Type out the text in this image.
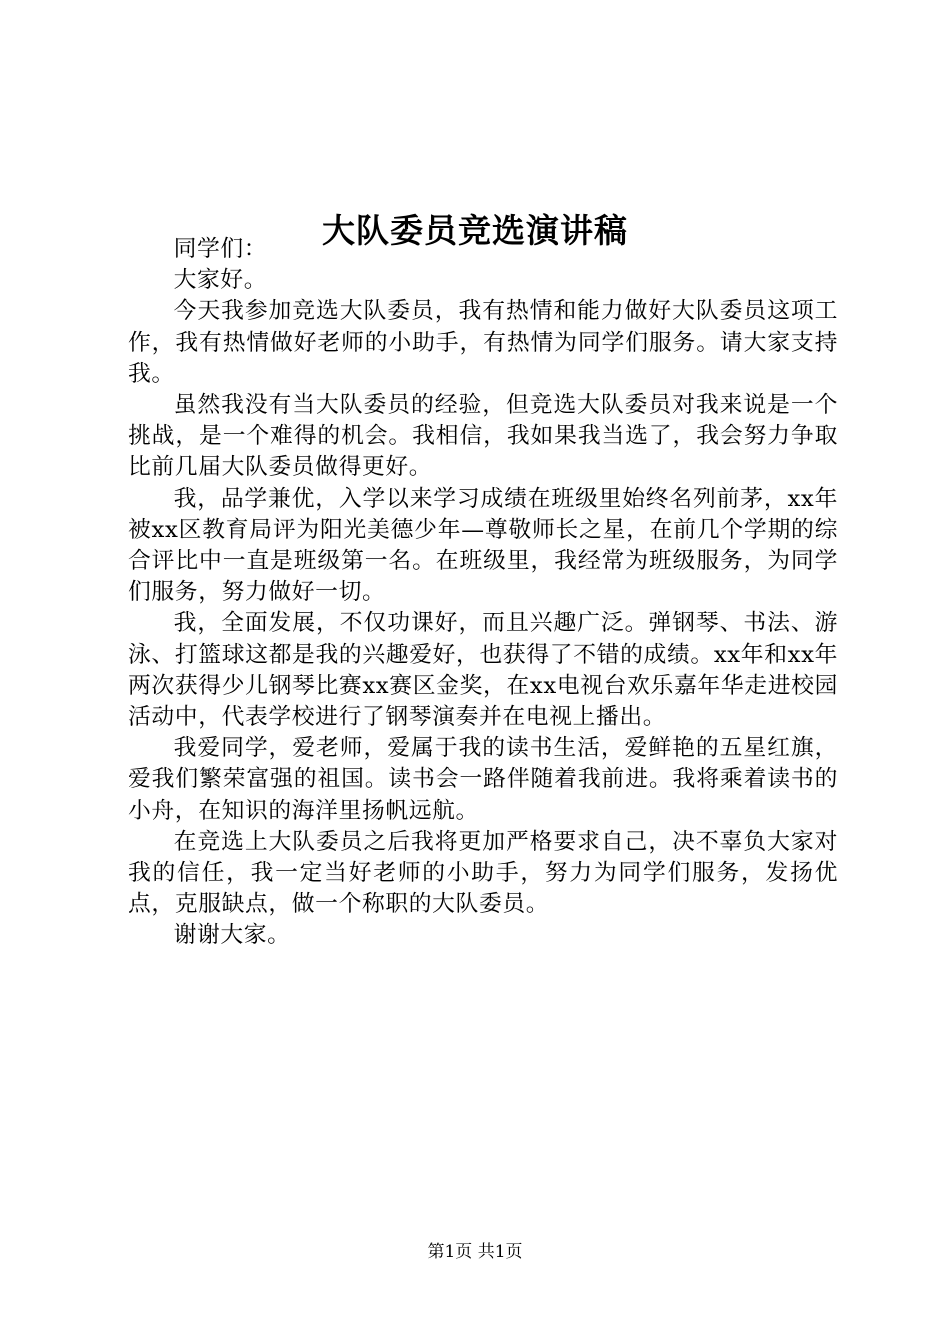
大队委员竞选演讲稿

同学们：

大家好。

今天我参加竞选大队委员，我有热情和能力做好大队委员这项工作，我有热情做好老师的小助手，有热情为同学们服务。请大家支持我。

虽然我没有当大队委员的经验，但竞选大队委员对我来说是一个挑战，是一个难得的机会。我相信，我如果我当选了，我会努力争取比前几届大队委员做得更好。

我，品学兼优，入学以来学习成绩在班级里始终名列前茅，xx年被xx区教育局评为阳光美德少年—尊敬师长之星，在前几个学期的综合评比中一直是班级第一名。在班级里，我经常为班级服务，为同学们服务，努力做好一切。

我，全面发展，不仅功课好，而且兴趣广泛。弹钢琴、书法、游泳、打篮球这都是我的兴趣爱好，也获得了不错的成绩。xx年和xx年两次获得少儿钢琴比赛xx赛区金奖，在xx电视台欢乐嘉年华走进校园活动中，代表学校进行了钢琴演奏并在电视上播出。

我爱同学，爱老师，爱属于我的读书生活，爱鲜艳的五星红旗，爱我们繁荣富强的祖国。读书会一路伴随着我前进。我将乘着读书的小舟，在知识的海洋里扬帆远航。

在竞选上大队委员之后我将更加严格要求自己，决不辜负大家对我的信任，我一定当好老师的小助手，努力为同学们服务，发扬优点，克服缺点，做一个称职的大队委员。

谢谢大家。

第1页 共1页
